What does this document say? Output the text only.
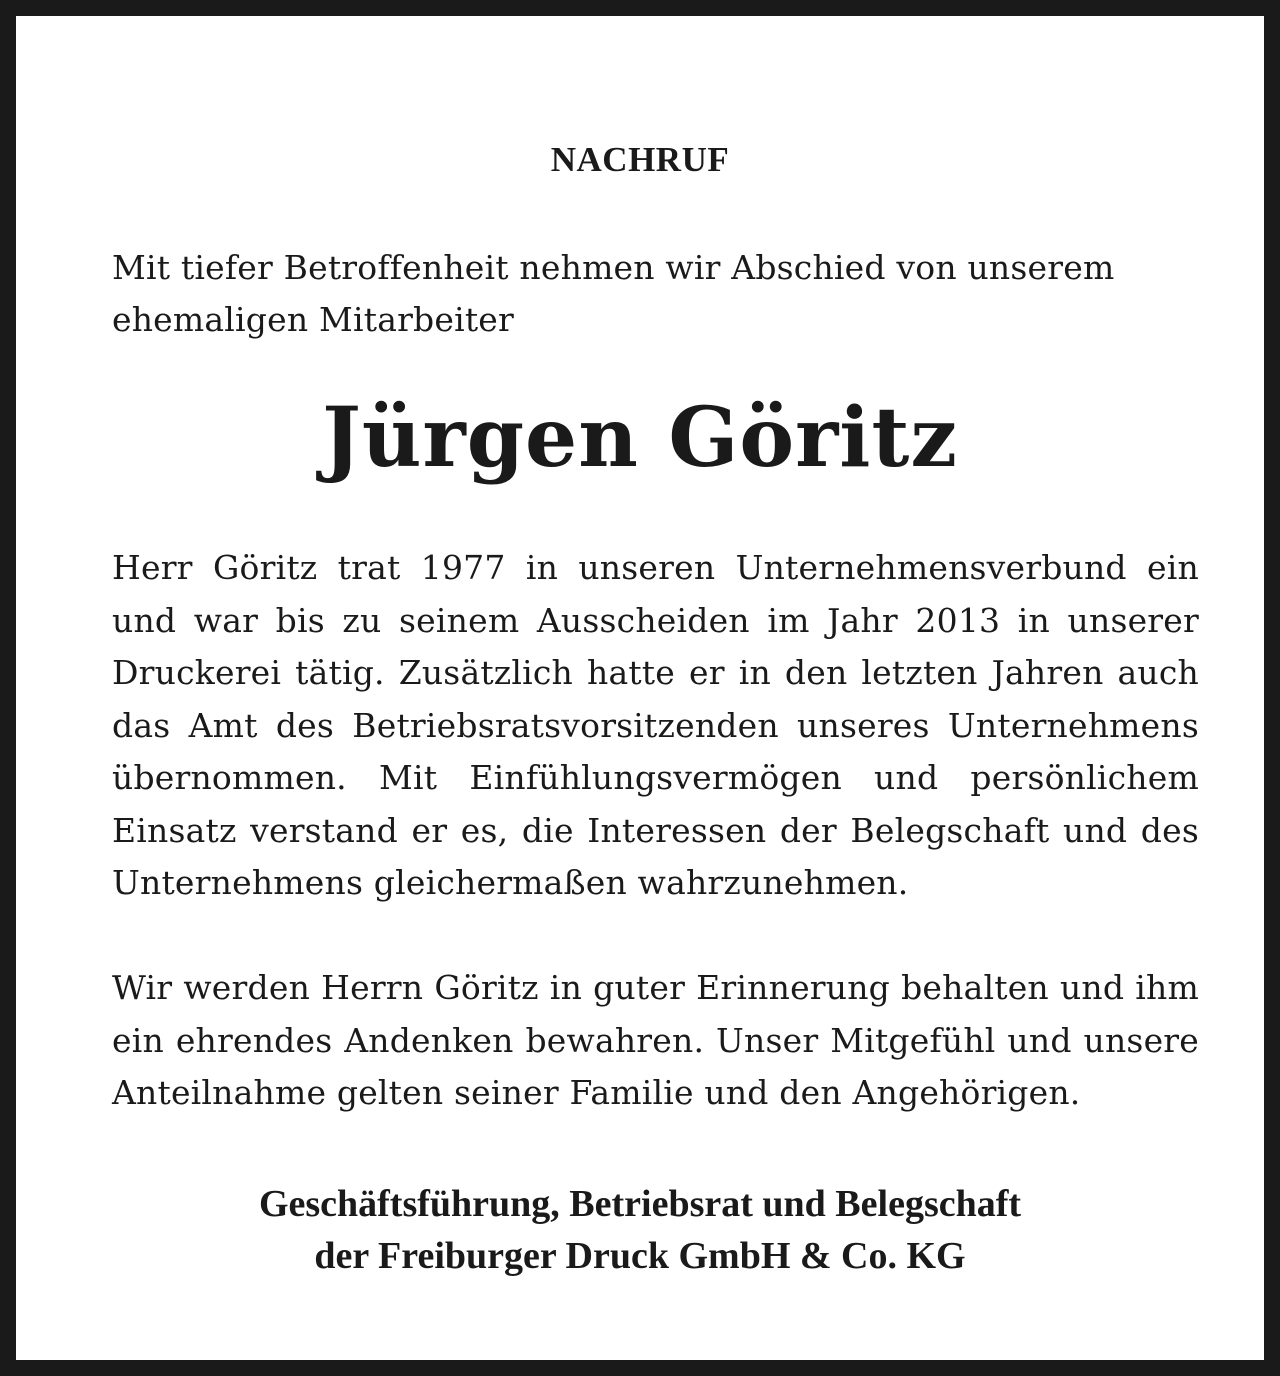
NACHRUF
Mit tiefer Betroffenheit nehmen wir Abschied von unserem
ehemaligen Mitarbeiter
Jürgen Göritz
Herr Göritz trat 1977 in unseren Unternehmensverbund ein
und war bis zu seinem Ausscheiden im Jahr 2013 in unserer
Druckerei tätig. Zusätzlich hatte er in den letzten Jahren auch
das Amt des Betriebsratsvorsitzenden unseres Unternehmens
übernommen. Mit Einfühlungsvermögen und persönlichem
Einsatz verstand er es, die Interessen der Belegschaft und des
Unternehmens gleichermaßen wahrzunehmen.
Wir werden Herrn Göritz in guter Erinnerung behalten und ihm
ein ehrendes Andenken bewahren. Unser Mitgefühl und unsere
Anteilnahme gelten seiner Familie und den Angehörigen.
Geschäftsführung, Betriebsrat und Belegschaft
der Freiburger Druck GmbH & Co. KG
